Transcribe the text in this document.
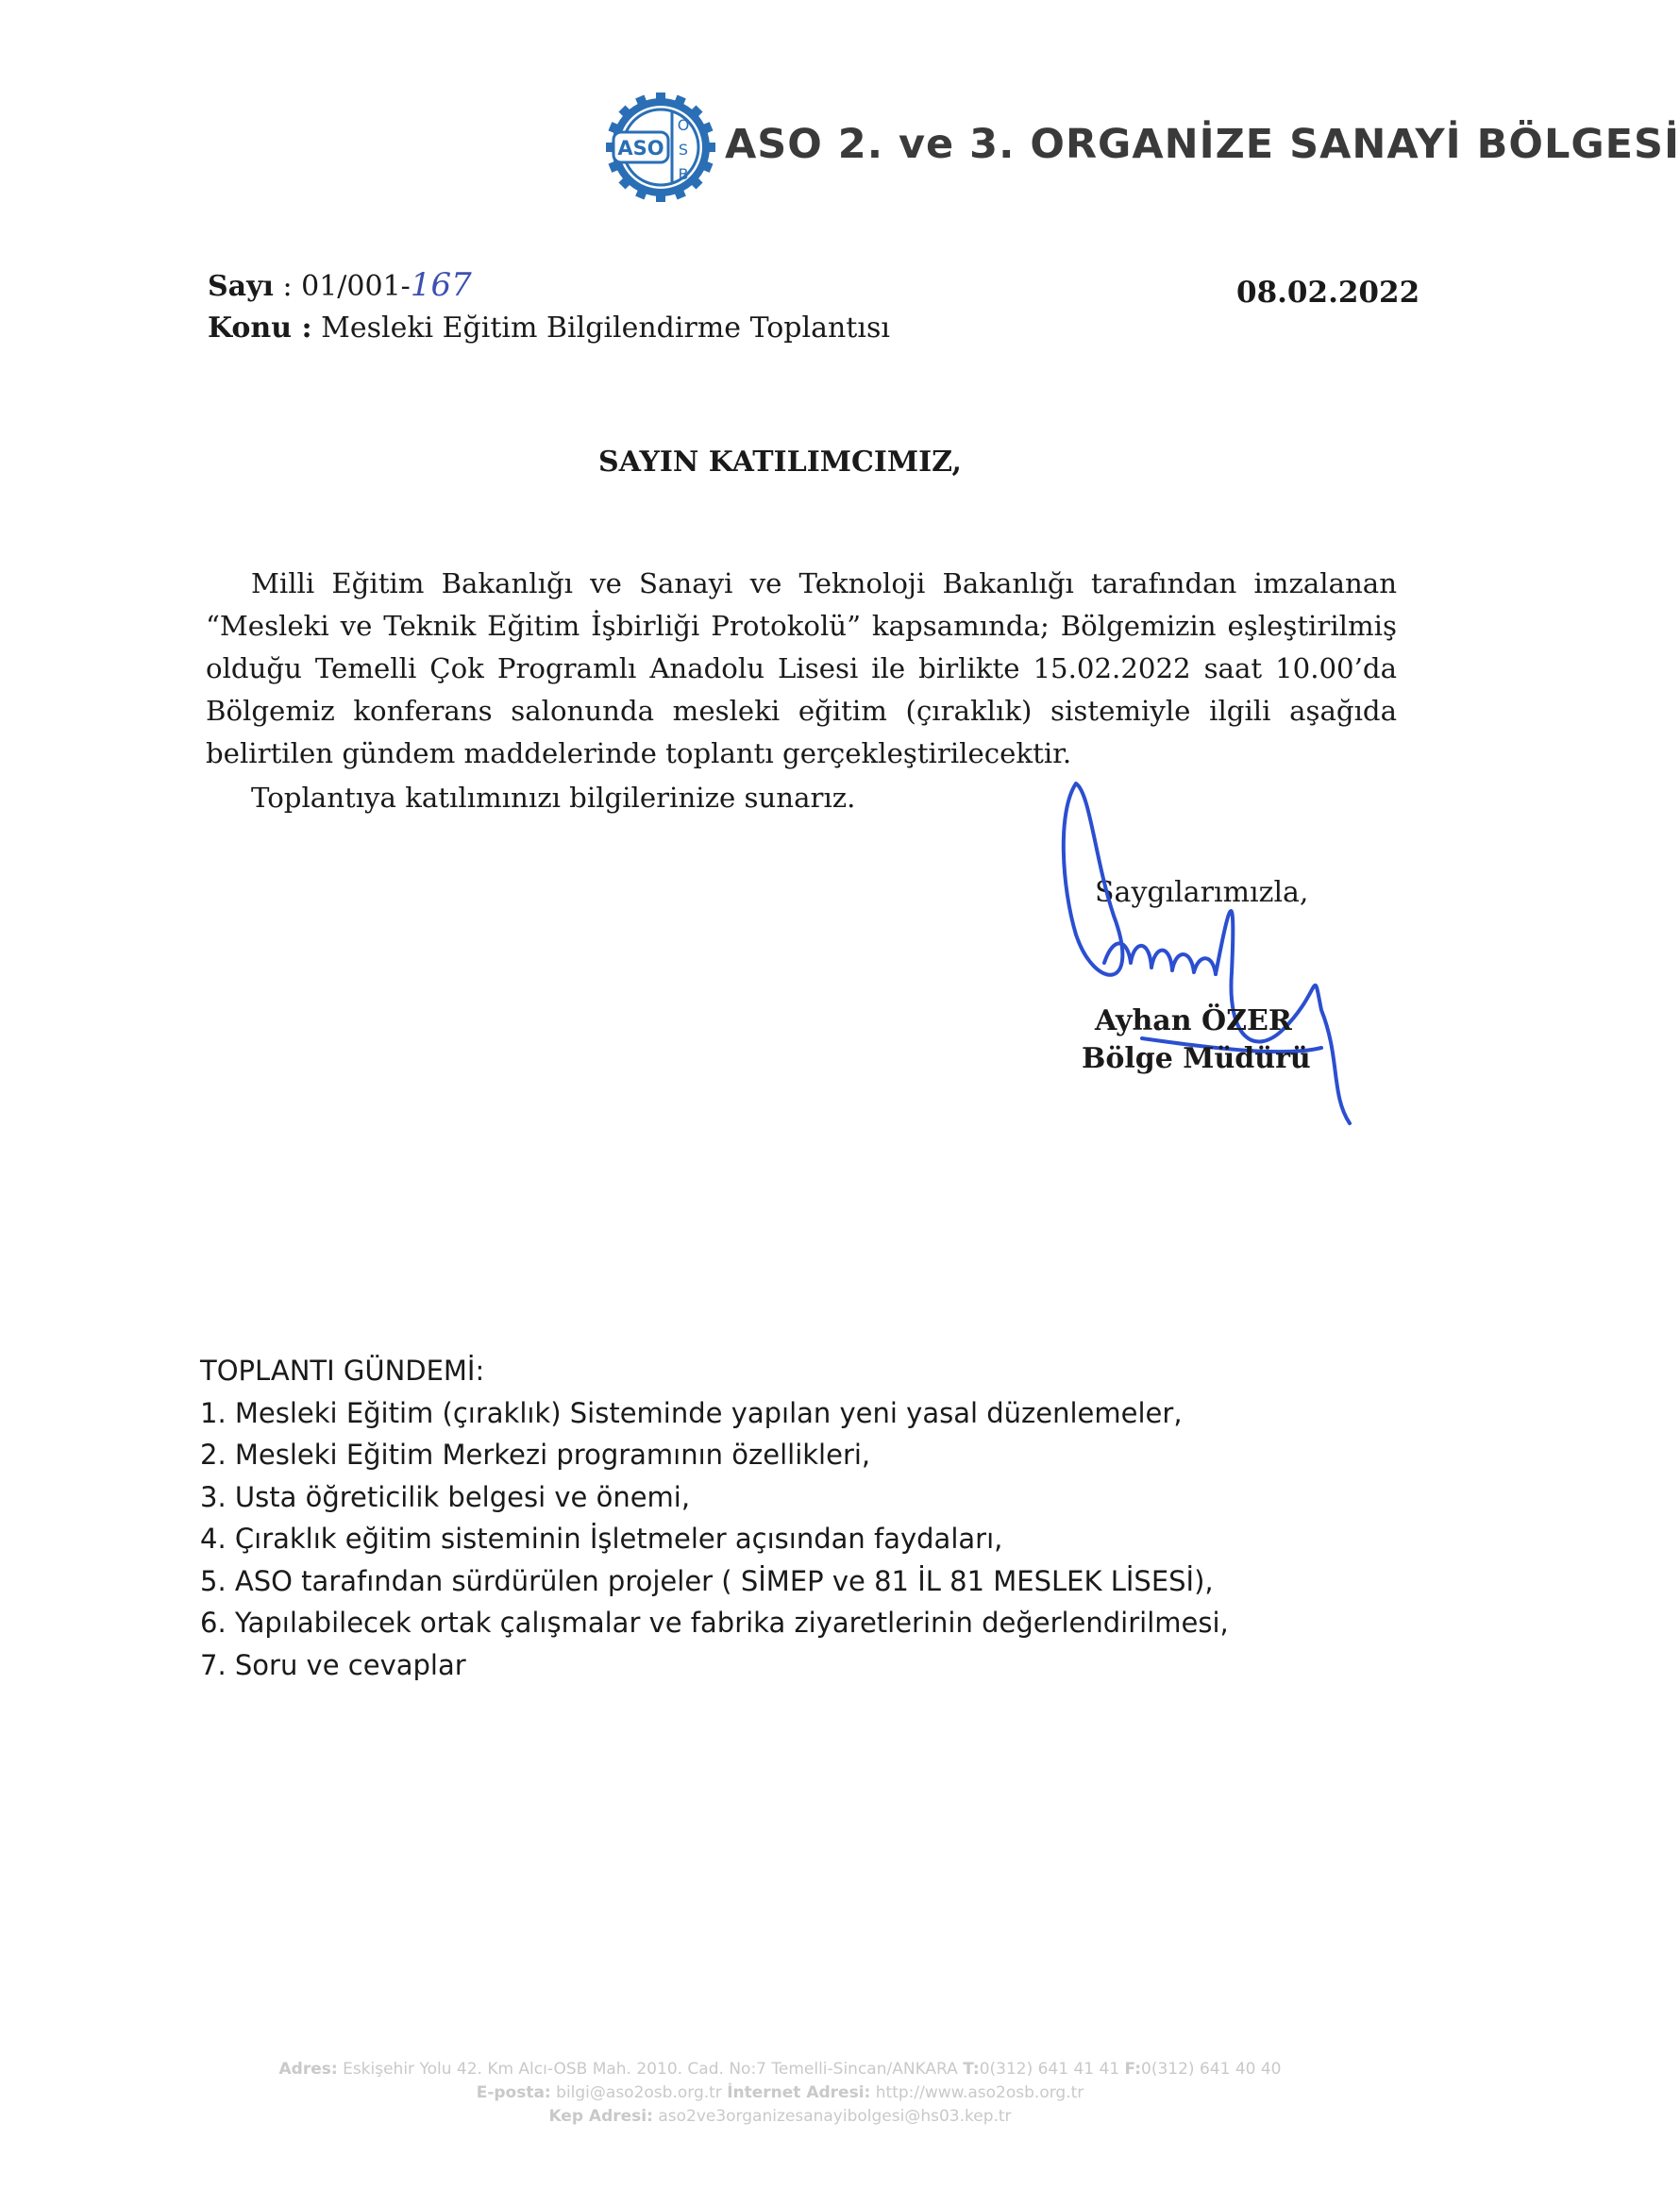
ASO
O
S
B
ASO 2. ve 3. ORGANİZE SANAYİ BÖLGESİ
Sayı : 01/001-167
Konu : Mesleki Eğitim Bilgilendirme Toplantısı
08.02.2022
SAYIN KATILIMCIMIZ,

Milli Eğitim Bakanlığı ve Sanayi ve Teknoloji Bakanlığı tarafından imzalanan “Mesleki ve Teknik Eğitim İşbirliği Protokolü” kapsamında; Bölgemizin eşleştirilmiş olduğu Temelli Çok Programlı Anadolu Lisesi ile birlikte 15.02.2022 saat 10.00’da Bölgemiz konferans salonunda mesleki eğitim (çıraklık) sistemiyle ilgili aşağıda belirtilen gündem maddelerinde toplantı gerçekleştirilecektir.

Toplantıya katılımınızı bilgilerinize sunarız.

Saygılarımızla,
Ayhan ÖZER
Bölge Müdürü
TOPLANTI GÜNDEMİ:
1. Mesleki Eğitim (çıraklık) Sisteminde yapılan yeni yasal düzenlemeler,
2. Mesleki Eğitim Merkezi programının özellikleri,
3. Usta öğreticilik belgesi ve önemi,
4. Çıraklık eğitim sisteminin İşletmeler açısından faydaları,
5. ASO tarafından sürdürülen projeler ( SİMEP ve 81 İL 81 MESLEK LİSESİ),
6. Yapılabilecek ortak çalışmalar ve fabrika ziyaretlerinin değerlendirilmesi,
7. Soru ve cevaplar
Adres: Eskişehir Yolu 42. Km Alcı-OSB Mah. 2010. Cad. No:7 Temelli-Sincan/ANKARA T:0(312) 641 41 41 F:0(312) 641 40 40
E-posta: bilgi@aso2osb.org.tr İnternet Adresi: http://www.aso2osb.org.tr
Kep Adresi: aso2ve3organizesanayibolgesi@hs03.kep.tr
